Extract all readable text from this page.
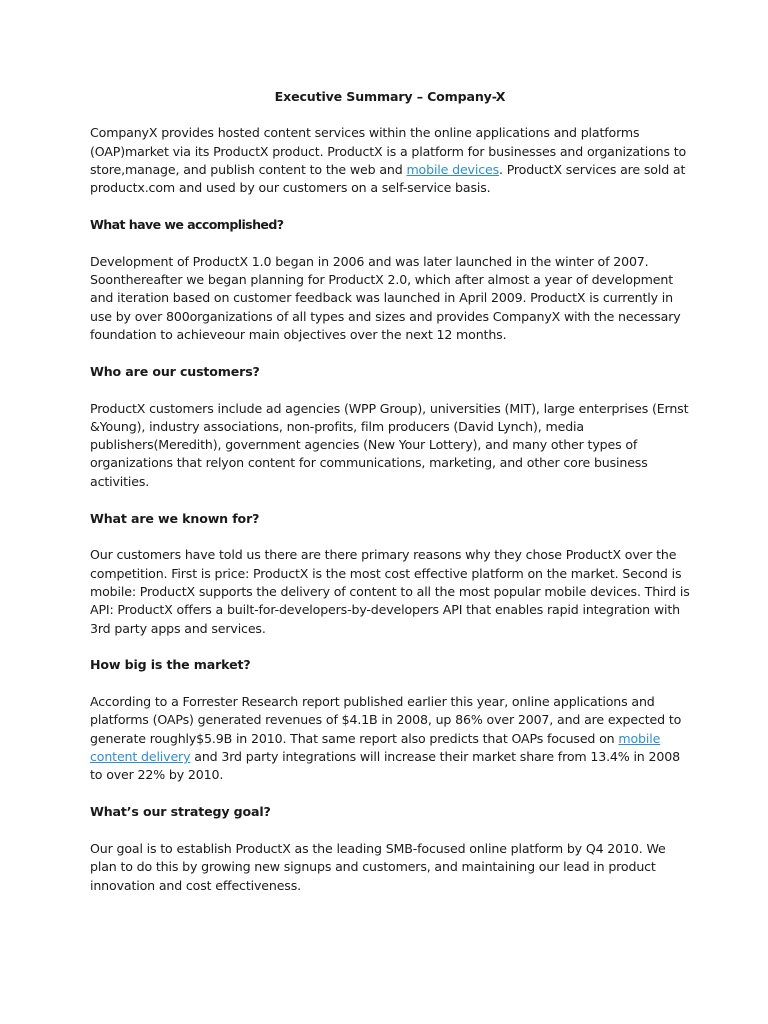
Executive Summary – Company-X

CompanyX provides hosted content services within the online applications and platforms (OAP)market via its ProductX product. ProductX is a platform for businesses and organizations to store,manage, and publish content to the web and mobile devices. ProductX services are sold at productx.com and used by our customers on a self-service basis.

What have we accomplished?

Development of ProductX 1.0 began in 2006 and was later launched in the winter of 2007. Soonthereafter we began planning for ProductX 2.0, which after almost a year of development and iteration based on customer feedback was launched in April 2009. ProductX is currently in use by over 800organizations of all types and sizes and provides CompanyX with the necessary foundation to achieveour main objectives over the next 12 months.

Who are our customers?

ProductX customers include ad agencies (WPP Group), universities (MIT), large enterprises (Ernst &Young), industry associations, non-profits, film producers (David Lynch), media publishers(Meredith), government agencies (New Your Lottery), and many other types of organizations that relyon content for communications, marketing, and other core business activities.

What are we known for?

Our customers have told us there are there primary reasons why they chose ProductX over the competition. First is price: ProductX is the most cost effective platform on the market. Second is mobile: ProductX supports the delivery of content to all the most popular mobile devices. Third is API: ProductX offers a built-for-developers-by-developers API that enables rapid integration with 3rd party apps and services.

How big is the market?

According to a Forrester Research report published earlier this year, online applications and platforms (OAPs) generated revenues of $4.1B in 2008, up 86% over 2007, and are expected to generate roughly$5.9B in 2010. That same report also predicts that OAPs focused on mobile content delivery and 3rd party integrations will increase their market share from 13.4% in 2008 to over 22% by 2010.

What’s our strategy goal?

Our goal is to establish ProductX as the leading SMB-focused online platform by Q4 2010. We plan to do this by growing new signups and customers, and maintaining our lead in product innovation and cost effectiveness.
